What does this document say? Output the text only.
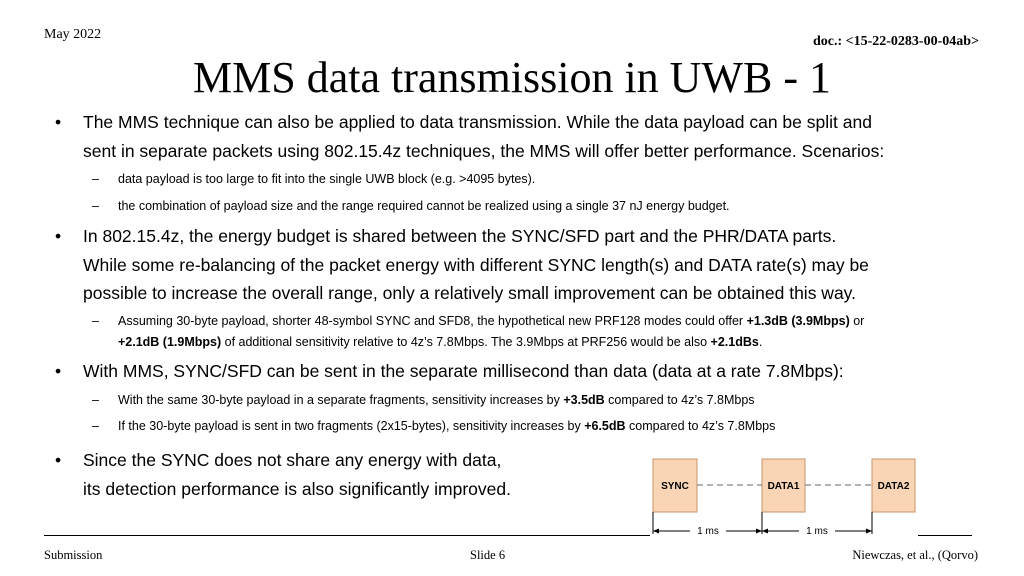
May 2022	doc.: <15-22-0283-00-04ab>
MMS data transmission in UWB - 1
• The MMS technique can also be applied to data transmission. While the data payload can be split and
sent in separate packets using 802.15.4z techniques, the MMS will offer better performance. Scenarios:
– data payload is too large to fit into the single UWB block (e.g. >4095 bytes).
– the combination of payload size and the range required cannot be realized using a single 37 nJ energy budget.
• In 802.15.4z, the energy budget is shared between the SYNC/SFD part and the PHR/DATA parts.
While some re-balancing of the packet energy with different SYNC length(s) and DATA rate(s) may be
possible to increase the overall range, only a relatively small improvement can be obtained this way.
– Assuming 30-byte payload, shorter 48-symbol SYNC and SFD8, the hypothetical new PRF128 modes could offer +1.3dB (3.9Mbps) or
+2.1dB (1.9Mbps) of additional sensitivity relative to 4z’s 7.8Mbps. The 3.9Mbps at PRF256 would be also +2.1dBs.
• With MMS, SYNC/SFD can be sent in the separate millisecond than data (data at a rate 7.8Mbps):
– With the same 30-byte payload in a separate fragments, sensitivity increases by +3.5dB compared to 4z’s 7.8Mbps
– If the 30-byte payload is sent in two fragments (2x15-bytes), sensitivity increases by +6.5dB compared to 4z’s 7.8Mbps
• Since the SYNC does not share any energy with data,
its detection performance is also significantly improved.	SYNC	DATA1	DATA2
1 ms	1 ms
Submission	Slide 6	Niewczas, et al., (Qorvo)
